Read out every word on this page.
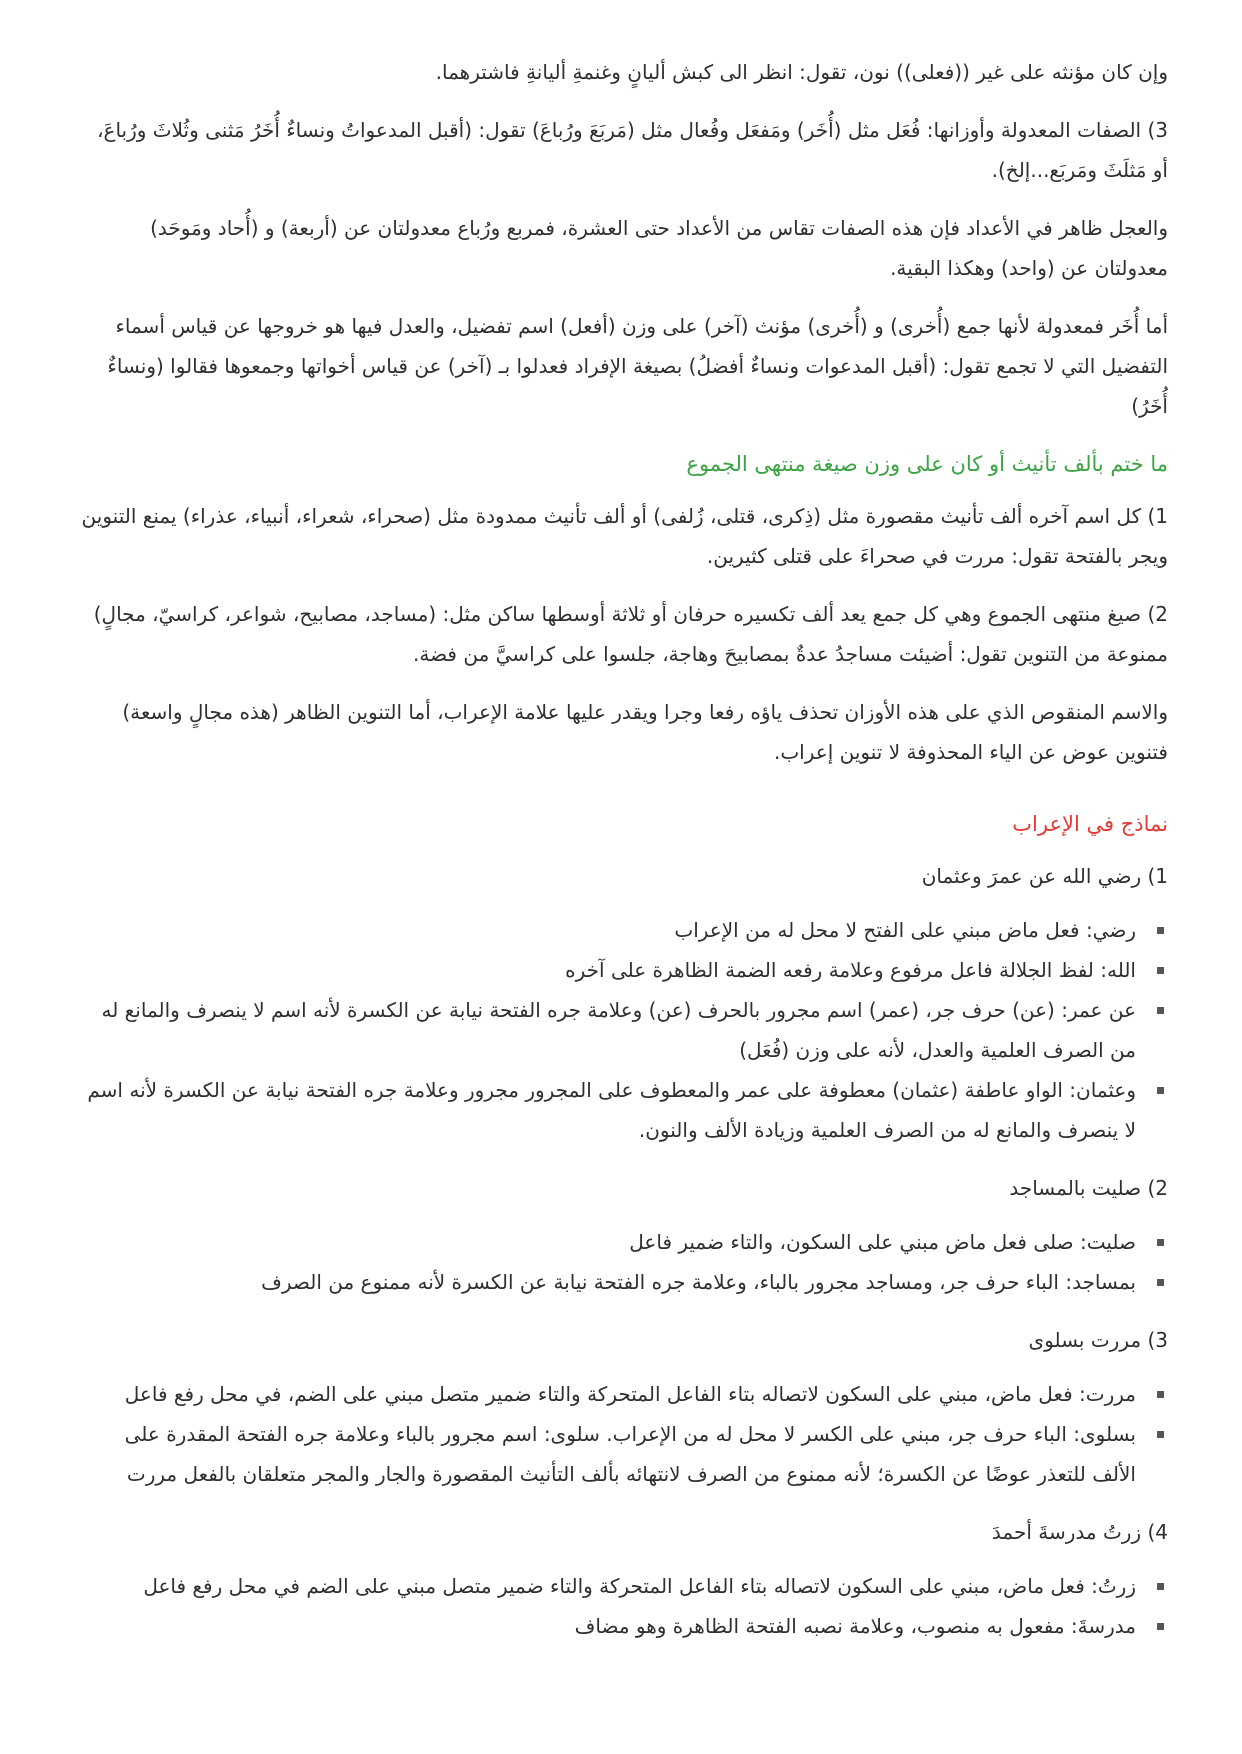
وإن كان مؤنثه على غير ((فعلى)) نون، تقول: انظر الى كبش أليانٍ وغنمةِ أليانةِ فاشترهما.

3) الصفات المعدولة وأوزانها: فُعَل مثل (أُخَر) ومَفعَل وفُعال مثل (مَربَعَ ورُباعَ) تقول: (أقبل المدعواتُ ونساءٌ أُخَرُ مَثنى وثُلاثَ ورُباعَ، أو مَثلَثَ ومَربَع...إلخ).

والعجل ظاهر في الأعداد فإن هذه الصفات تقاس من الأعداد حتى العشرة، فمربع ورُباع معدولتان عن (أربعة) و (أُحاد ومَوحَد) معدولتان عن (واحد) وهكذا البقية.

أما أُخَر فمعدولة لأنها جمع (أُخرى) و (أُخرى) مؤنث (آخر) على وزن (أفعل) اسم تفضيل، والعدل فيها هو خروجها عن قياس أسماء التفضيل التي لا تجمع تقول: (أقبل المدعوات ونساءٌ أفضلُ) بصيغة الإفراد فعدلوا بـ (آخر) عن قياس أخواتها وجمعوها فقالوا (ونساءٌ أُخَرُ)

ما ختم بألف تأنيث أو كان على وزن صيغة منتهى الجموع

1) كل اسم آخره ألف تأنيث مقصورة مثل (ذِكرى، قتلى، زُلفى) أو ألف تأنيث ممدودة مثل (صحراء، شعراء، أنبياء، عذراء) يمنع التنوين ويجر بالفتحة تقول: مررت في صحراءَ على قتلى كثيرين.

2) صيغ منتهى الجموع وهي كل جمع يعد ألف تكسيره حرفان أو ثلاثة أوسطها ساكن مثل: (مساجد، مصابيح، شواعر، كراسيّ، مجالٍ) ممنوعة من التنوين تقول: أضيئت مساجدُ عدةٌ بمصابيحَ وهاجة، جلسوا على كراسيَّ من فضة.

والاسم المنقوص الذي على هذه الأوزان تحذف ياؤه رفعا وجرا ويقدر عليها علامة الإعراب، أما التنوين الظاهر (هذه مجالٍ واسعة) فتنوين عوض عن الياء المحذوفة لا تنوين إعراب.

نماذج في الإعراب

1) رضي الله عن عمرَ وعثمان

رضي: فعل ماض مبني على الفتح لا محل له من الإعراب
الله: لفظ الجلالة فاعل مرفوع وعلامة رفعه الضمة الظاهرة على آخره
عن عمر: (عن) حرف جر، (عمر) اسم مجرور بالحرف (عن) وعلامة جره الفتحة نيابة عن الكسرة لأنه اسم لا ينصرف والمانع له من الصرف العلمية والعدل، لأنه على وزن (فُعَل)
وعثمان: الواو عاطفة (عثمان) معطوفة على عمر والمعطوف على المجرور مجرور وعلامة جره الفتحة نيابة عن الكسرة لأنه اسم لا ينصرف والمانع له من الصرف العلمية وزيادة الألف والنون.

2) صليت بالمساجد

صليت: صلى فعل ماض مبني على السكون، والتاء ضمير فاعل
بمساجد: الباء حرف جر، ومساجد مجرور بالباء، وعلامة جره الفتحة نيابة عن الكسرة لأنه ممنوع من الصرف

3) مررت بسلوى

مررت: فعل ماض، مبني على السكون لاتصاله بتاء الفاعل المتحركة والتاء ضمير متصل مبني على الضم، في محل رفع فاعل
بسلوى: الباء حرف جر، مبني على الكسر لا محل له من الإعراب. سلوى: اسم مجرور بالباء وعلامة جره الفتحة المقدرة على الألف للتعذر عوضًا عن الكسرة؛ لأنه ممنوع من الصرف لانتهائه بألف التأنيث المقصورة والجار والمجر متعلقان بالفعل مررت

4) زرتُ مدرسةَ أحمدَ

زرتُ: فعل ماض، مبني على السكون لاتصاله بتاء الفاعل المتحركة والتاء ضمير متصل مبني على الضم في محل رفع فاعل
مدرسةَ: مفعول به منصوب، وعلامة نصبه الفتحة الظاهرة وهو مضاف
